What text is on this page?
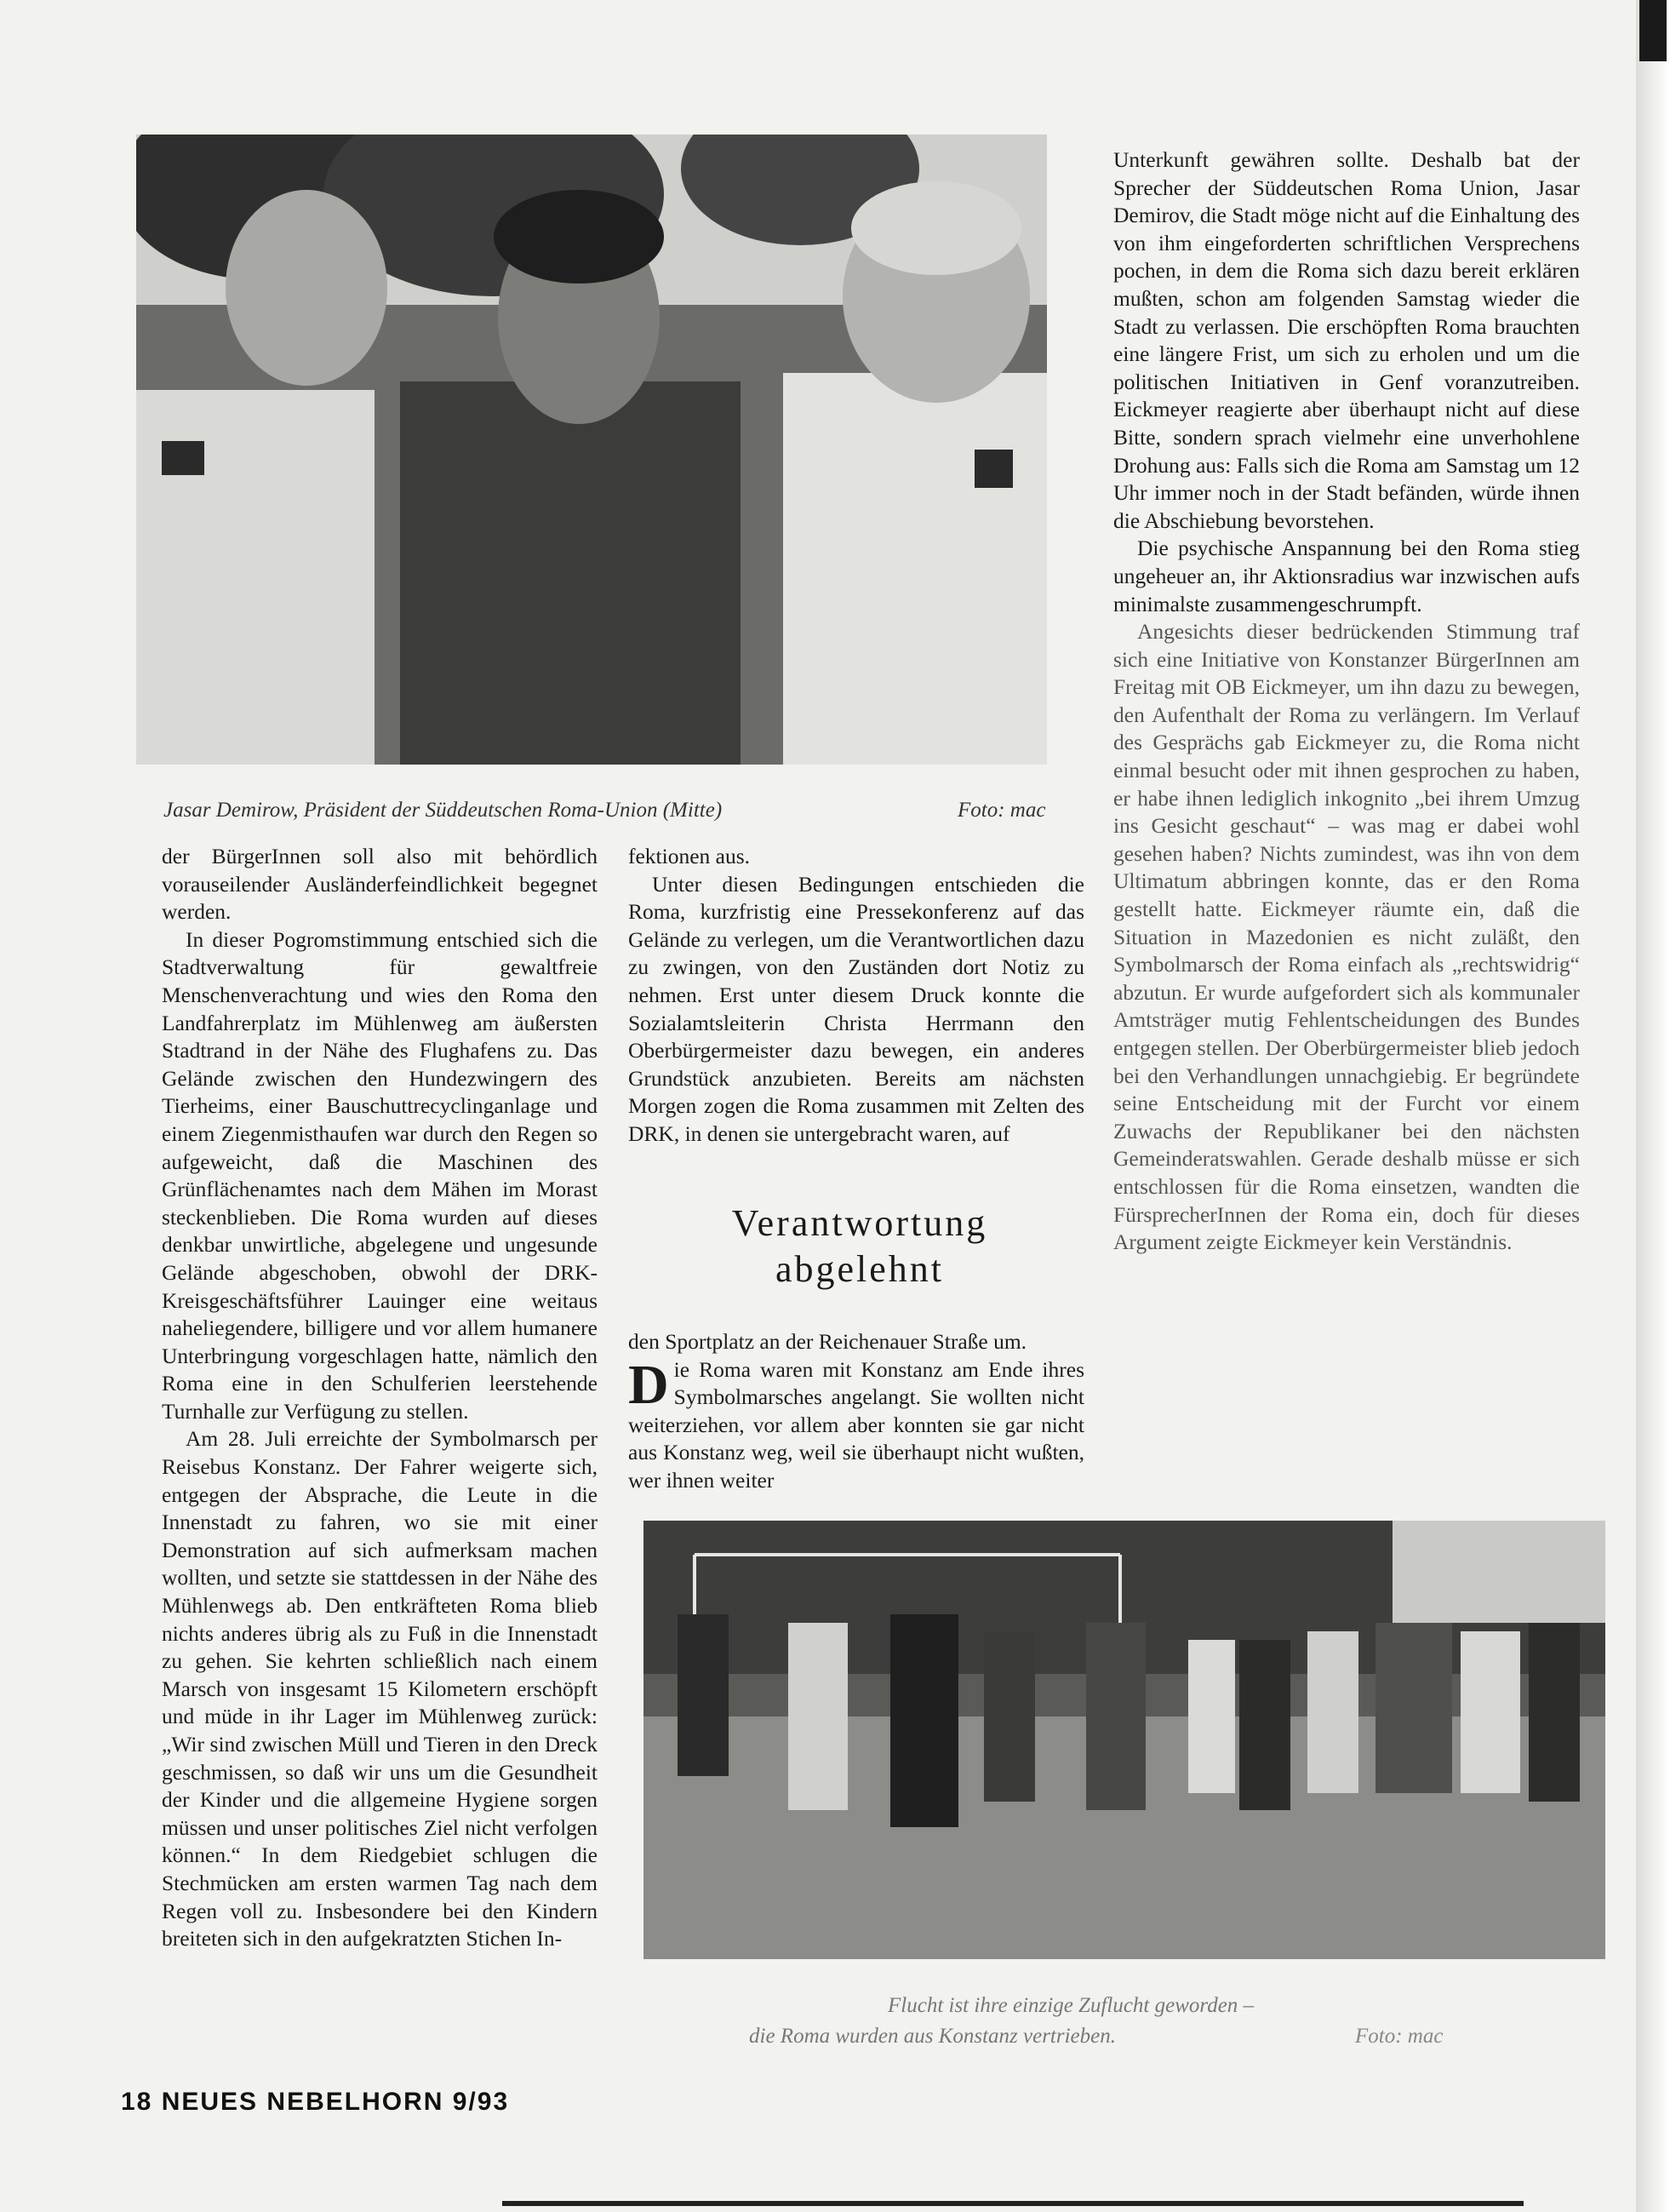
Jasar Demirow, Präsident der Süddeutschen Roma-Union (Mitte)	Foto: mac

der BürgerInnen soll also mit behördlich vorauseilender Ausländerfeindlichkeit begegnet werden.

In dieser Pogromstimmung entschied sich die Stadtverwaltung für gewaltfreie Menschenverachtung und wies den Roma den Landfahrerplatz im Mühlenweg am äußersten Stadtrand in der Nähe des Flughafens zu. Das Gelände zwischen den Hundezwingern des Tierheims, einer Bauschuttrecyclinganlage und einem Ziegenmisthaufen war durch den Regen so aufgeweicht, daß die Maschinen des Grünflächenamtes nach dem Mähen im Morast steckenblieben. Die Roma wurden auf dieses denkbar unwirtliche, abgelegene und ungesunde Gelände abgeschoben, obwohl der DRK-Kreisgeschäftsführer Lauinger eine weitaus naheliegendere, billigere und vor allem humanere Unterbringung vorgeschlagen hatte, nämlich den Roma eine in den Schulferien leerstehende Turnhalle zur Verfügung zu stellen.

Am 28. Juli erreichte der Symbolmarsch per Reisebus Konstanz. Der Fahrer weigerte sich, entgegen der Absprache, die Leute in die Innenstadt zu fahren, wo sie mit einer Demonstration auf sich aufmerksam machen wollten, und setzte sie stattdessen in der Nähe des Mühlenwegs ab. Den entkräfteten Roma blieb nichts anderes übrig als zu Fuß in die Innenstadt zu gehen. Sie kehrten schließlich nach einem Marsch von insgesamt 15 Kilometern erschöpft und müde in ihr Lager im Mühlenweg zurück: „Wir sind zwischen Müll und Tieren in den Dreck geschmissen, so daß wir uns um die Gesundheit der Kinder und die allgemeine Hygiene sorgen müssen und unser politisches Ziel nicht verfolgen können.“ In dem Riedgebiet schlugen die Stechmücken am ersten warmen Tag nach dem Regen voll zu. Insbesondere bei den Kindern breiteten sich in den aufgekratzten Stichen In-

fektionen aus.

Unter diesen Bedingungen entschieden die Roma, kurzfristig eine Pressekonferenz auf das Gelände zu verlegen, um die Verantwortlichen dazu zu zwingen, von den Zuständen dort Notiz zu nehmen. Erst unter diesem Druck konnte die Sozialamtsleiterin Christa Herrmann den Oberbürgermeister dazu bewegen, ein anderes Grundstück anzubieten. Bereits am nächsten Morgen zogen die Roma zusammen mit Zelten des DRK, in denen sie untergebracht waren, auf

Verantwortung
abgelehnt

den Sportplatz an der Reichenauer Straße um.

Die Roma waren mit Konstanz am Ende ihres Symbolmarsches angelangt. Sie wollten nicht weiterziehen, vor allem aber konnten sie gar nicht aus Konstanz weg, weil sie überhaupt nicht wußten, wer ihnen weiter

Unterkunft gewähren sollte. Deshalb bat der Sprecher der Süddeutschen Roma Union, Jasar Demirov, die Stadt möge nicht auf die Einhaltung des von ihm eingeforderten schriftlichen Versprechens pochen, in dem die Roma sich dazu bereit erklären mußten, schon am folgenden Samstag wieder die Stadt zu verlassen. Die erschöpften Roma brauchten eine längere Frist, um sich zu erholen und um die politischen Initiativen in Genf voranzutreiben. Eickmeyer reagierte aber überhaupt nicht auf diese Bitte, sondern sprach vielmehr eine unverhohlene Drohung aus: Falls sich die Roma am Samstag um 12 Uhr immer noch in der Stadt befänden, würde ihnen die Abschiebung bevorstehen.

Die psychische Anspannung bei den Roma stieg ungeheuer an, ihr Aktionsradius war inzwischen aufs minimalste zusammengeschrumpft.

Angesichts dieser bedrückenden Stimmung traf sich eine Initiative von Konstanzer BürgerInnen am Freitag mit OB Eickmeyer, um ihn dazu zu bewegen, den Aufenthalt der Roma zu verlängern. Im Verlauf des Gesprächs gab Eickmeyer zu, die Roma nicht einmal besucht oder mit ihnen gesprochen zu haben, er habe ihnen lediglich inkognito „bei ihrem Umzug ins Gesicht geschaut“ – was mag er dabei wohl gesehen haben? Nichts zumindest, was ihn von dem Ultimatum abbringen konnte, das er den Roma gestellt hatte. Eickmeyer räumte ein, daß die Situation in Mazedonien es nicht zuläßt, den Symbolmarsch der Roma einfach als „rechtswidrig“ abzutun. Er wurde aufgefordert sich als kommunaler Amtsträger mutig Fehlentscheidungen des Bundes entgegen stellen. Der Oberbürgermeister blieb jedoch bei den Verhandlungen unnachgiebig. Er begründete seine Entscheidung mit der Furcht vor einem Zuwachs der Republikaner bei den nächsten Gemeinderatswahlen. Gerade deshalb müsse er sich entschlossen für die Roma einsetzen, wandten die FürsprecherInnen der Roma ein, doch für dieses Argument zeigte Eickmeyer kein Verständnis.

Flucht ist ihre einzige Zuflucht geworden –
die Roma wurden aus Konstanz vertrieben.	Foto: mac
18 NEUES NEBELHORN 9/93
